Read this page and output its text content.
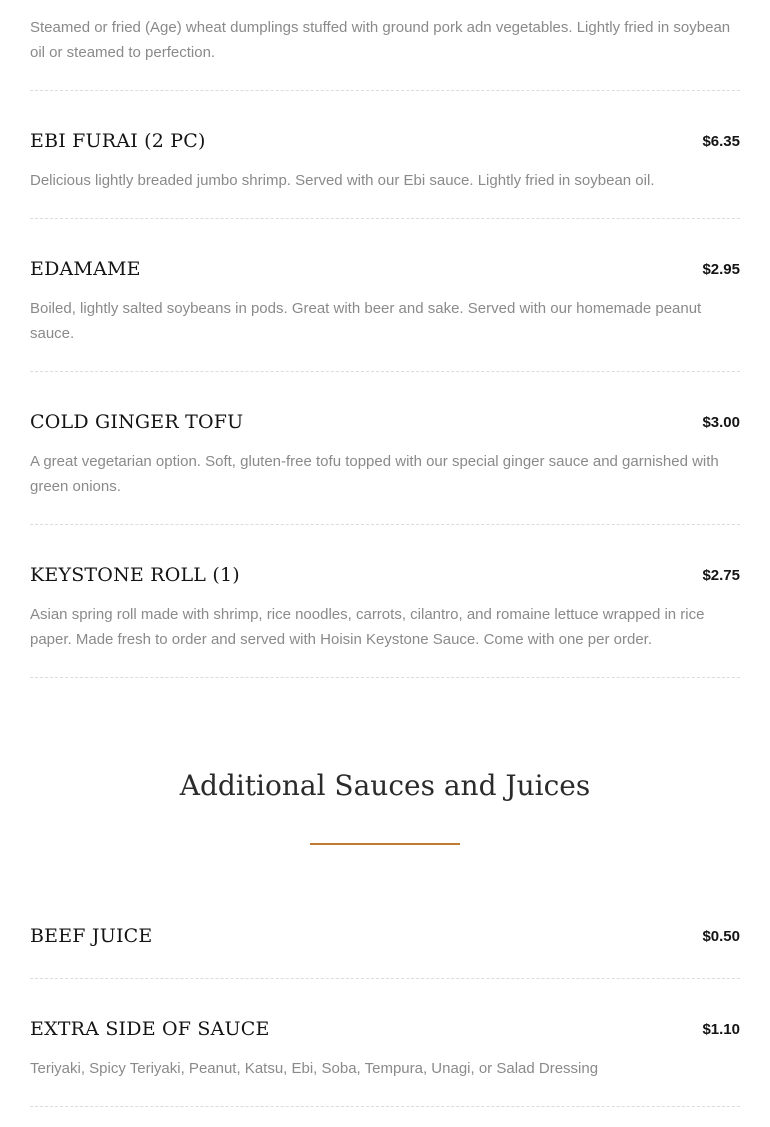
Steamed or fried (Age) wheat dumplings stuffed with ground pork adn vegetables. Lightly fried in soybean oil or steamed to perfection.
EBI FURAI (2 PC)	$6.35
Delicious lightly breaded jumbo shrimp. Served with our Ebi sauce. Lightly fried in soybean oil.
EDAMAME	$2.95
Boiled, lightly salted soybeans in pods. Great with beer and sake. Served with our homemade peanut sauce.
COLD GINGER TOFU	$3.00
A great vegetarian option. Soft, gluten-free tofu topped with our special ginger sauce and garnished with green onions.
KEYSTONE ROLL (1)	$2.75
Asian spring roll made with shrimp, rice noodles, carrots, cilantro, and romaine lettuce wrapped in rice paper. Made fresh to order and served with Hoisin Keystone Sauce. Come with one per order.
Additional Sauces and Juices
BEEF JUICE	$0.50
EXTRA SIDE OF SAUCE	$1.10
Teriyaki, Spicy Teriyaki, Peanut, Katsu, Ebi, Soba, Tempura, Unagi, or Salad Dressing
